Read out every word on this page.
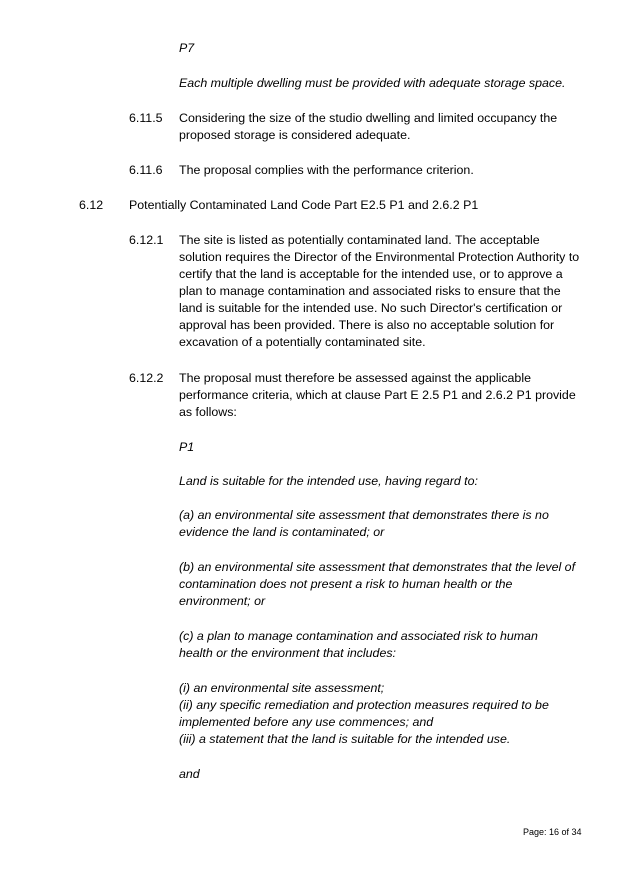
P7

Each multiple dwelling must be provided with adequate storage space.

6.11.5 Considering the size of the studio dwelling and limited occupancy the
proposed storage is considered adequate.

6.11.6 The proposal complies with the performance criterion.

6.12 Potentially Contaminated Land Code Part E2.5 P1 and 2.6.2 P1

6.12.1 The site is listed as potentially contaminated land. The acceptable
solution requires the Director of the Environmental Protection Authority to
certify that the land is acceptable for the intended use, or to approve a
plan to manage contamination and associated risks to ensure that the
land is suitable for the intended use. No such Director's certification or
approval has been provided. There is also no acceptable solution for
excavation of a potentially contaminated site.

6.12.2 The proposal must therefore be assessed against the applicable
performance criteria, which at clause Part E 2.5 P1 and 2.6.2 P1 provide
as follows:

P1

Land is suitable for the intended use, having regard to:

(a) an environmental site assessment that demonstrates there is no
evidence the land is contaminated; or
(b) an environmental site assessment that demonstrates that the level of
contamination does not present a risk to human health or the
environment; or
(c) a plan to manage contamination and associated risk to human
health or the environment that includes:
(i) an environmental site assessment;
(ii) any specific remediation and protection measures required to be
implemented before any use commences; and
(iii) a statement that the land is suitable for the intended use.

and

Page: 16 of 34
